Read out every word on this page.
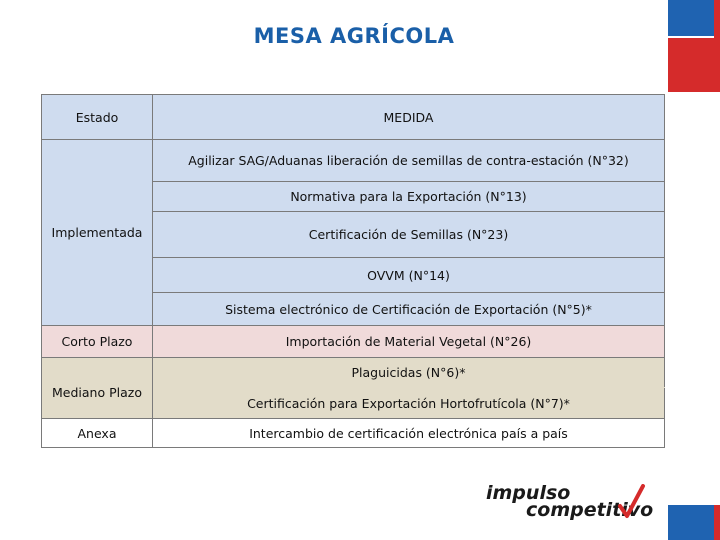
MESA AGRÍCOLA
Estado	MEDIDA
Implementada	Agilizar SAG/Aduanas liberación de semillas de contra-estación (N°32)
	Normativa para la Exportación (N°13)
	Certificación de Semillas (N°23)
	OVVM (N°14)
	Sistema electrónico de Certificación de Exportación (N°5)*
Corto Plazo	Importación de Material Vegetal (N°26)
Mediano Plazo	Plaguicidas (N°6)*
	Certificación para Exportación Hortofrutícola (N°7)*
Anexa	Intercambio de certificación electrónica país a país
impulso
competitivo
